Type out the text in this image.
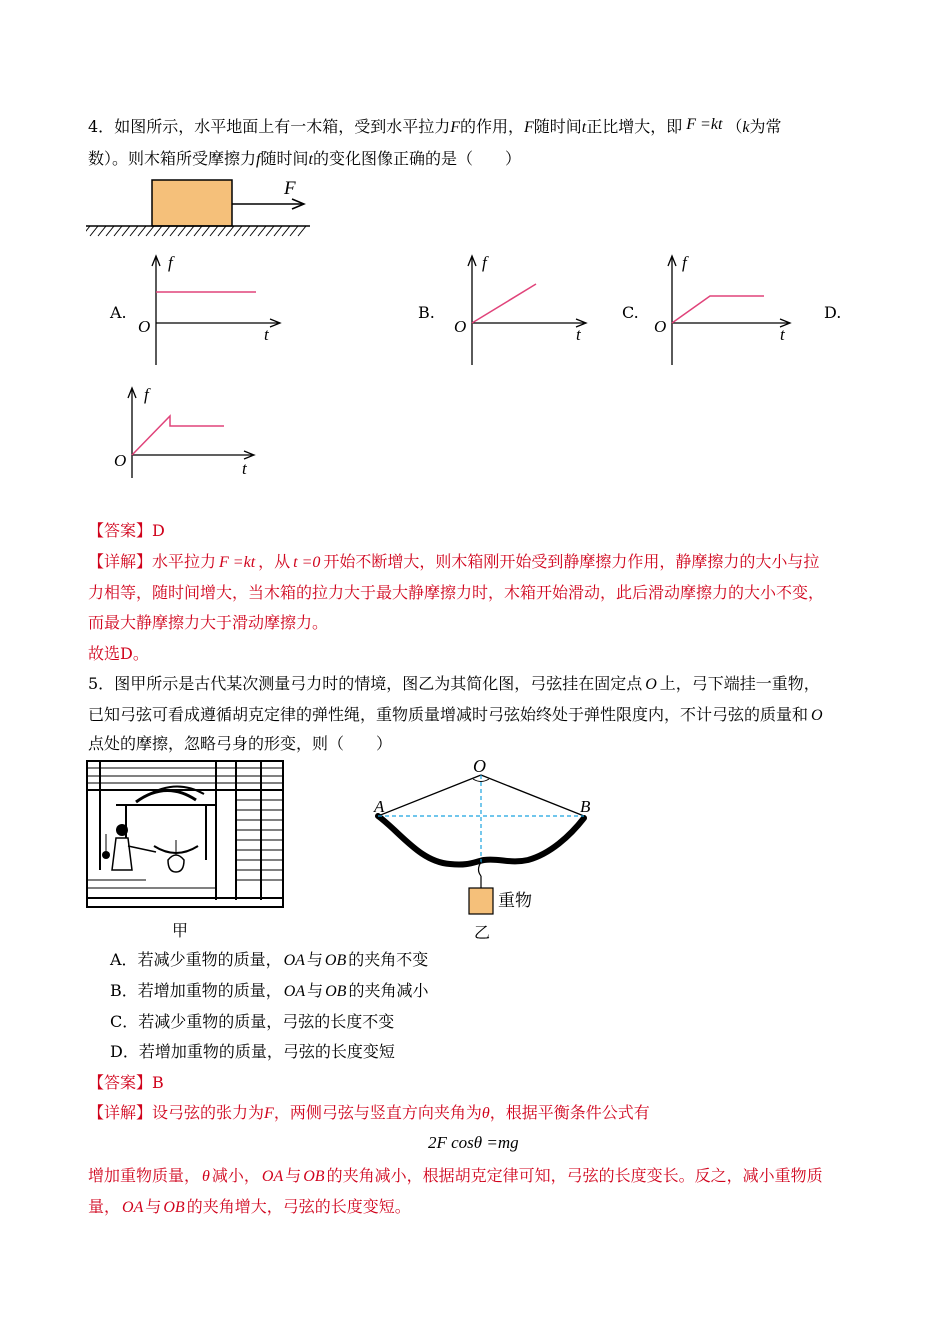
4．如图所示，水平地面上有一木箱，受到水平拉力F的作用，F随时间t正比增大，即 F =kt （k为常
数）。则木箱所受摩擦力f随时间t的变化图像正确的是（　　）
F
A.	B.	C.	D.
f
t
O
f
t
O
f
t
O
f
t
O
【答案】D
【详解】水平拉力 F =kt ，从 t =0 开始不断增大，则木箱刚开始受到静摩擦力作用，静摩擦力的大小与拉
力相等，随时间增大，当木箱的拉力大于最大静摩擦力时，木箱开始滑动，此后滑动摩擦力的大小不变，
而最大静摩擦力大于滑动摩擦力。
故选D。
5．图甲所示是古代某次测量弓力时的情境，图乙为其简化图，弓弦挂在固定点 O 上，弓下端挂一重物，
已知弓弦可看成遵循胡克定律的弹性绳，重物质量增减时弓弦始终处于弹性限度内，不计弓弦的质量和 O
点处的摩擦，忽略弓身的形变，则（　　）
甲
O
A	B
重物
乙
A．若减少重物的质量， OA 与 OB 的夹角不变
B．若增加重物的质量， OA 与 OB 的夹角减小
C．若减少重物的质量，弓弦的长度不变
D．若增加重物的质量，弓弦的长度变短
【答案】B
【详解】设弓弦的张力为F，两侧弓弦与竖直方向夹角为θ，根据平衡条件公式有
2F cosθ =mg
增加重物质量， θ 减小， OA 与 OB 的夹角减小，根据胡克定律可知，弓弦的长度变长。反之，减小重物质
量， OA 与 OB 的夹角增大，弓弦的长度变短。
